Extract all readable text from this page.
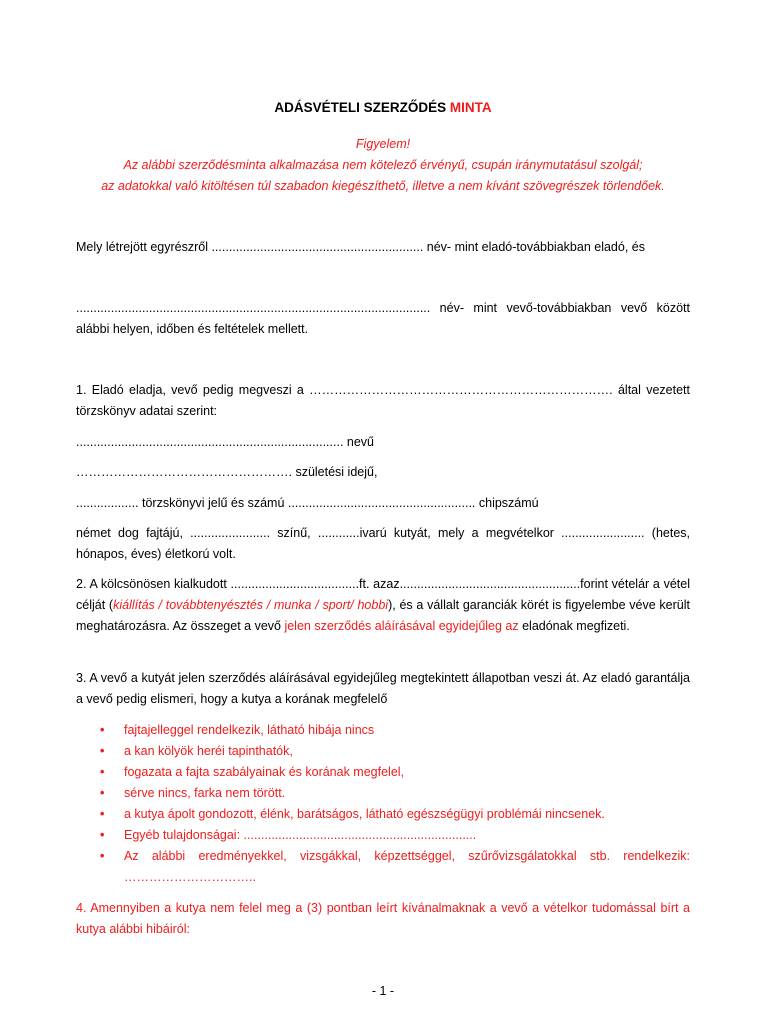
ADÁSVÉTELI SZERZŐDÉS MINTA
Figyelem!
Az alábbi szerződésminta alkalmazása nem kötelező érvényű, csupán iránymutatásul szolgál;
az adatokkal való kitöltésen túl szabadon kiegészíthető, illetve a nem kívánt szövegrészek törlendőek.
Mely létrejött egyrészről ............................................................. név- mint eladó-továbbiakban eladó, és
...................................................................................................... név- mint vevő-továbbiakban vevő között alábbi helyen, időben és feltételek mellett.
1. Eladó eladja, vevő pedig megveszi a ………………………………………………………………. által vezetett törzskönyv adatai szerint:
............................................................................. nevű
……………………………………………. születési idejű,
.................. törzskönyvi jelű és számú ...................................................... chipszámú
német dog fajtájú, ....................... színű, ............ivarú kutyát, mely a megvételkor ........................ (hetes, hónapos, éves) életkorú volt.
2. A kölcsönösen kialkudott .....................................ft. azaz....................................................forint vételár a vétel célját (kiállítás / továbbtenyésztés / munka / sport/ hobbi), és a vállalt garanciák körét is figyelembe véve került meghatározásra. Az összeget a vevő jelen szerződés aláírásával egyidejűleg az eladónak megfizeti.
3. A vevő a kutyát jelen szerződés aláírásával egyidejűleg megtekintett állapotban veszi át. Az eladó garantálja a vevő pedig elismeri, hogy a kutya a korának megfelelő
• fajtajelleggel rendelkezik, látható hibája nincs
• a kan kölyök heréi tapinthatók,
• fogazata a fajta szabályainak és korának megfelel,
• sérve nincs, farka nem törött.
• a kutya ápolt gondozott, élénk, barátságos, látható egészségügyi problémái nincsenek.
• Egyéb tulajdonságai: ...................................................................
• Az alábbi eredményekkel, vizsgákkal, képzettséggel, szűrővizsgálatokkal stb. rendelkezik: …………………………..
4. Amennyiben a kutya nem felel meg a (3) pontban leírt kívánalmaknak a vevő a vételkor tudomással bírt a kutya alábbi hibáiról:
- 1 -
